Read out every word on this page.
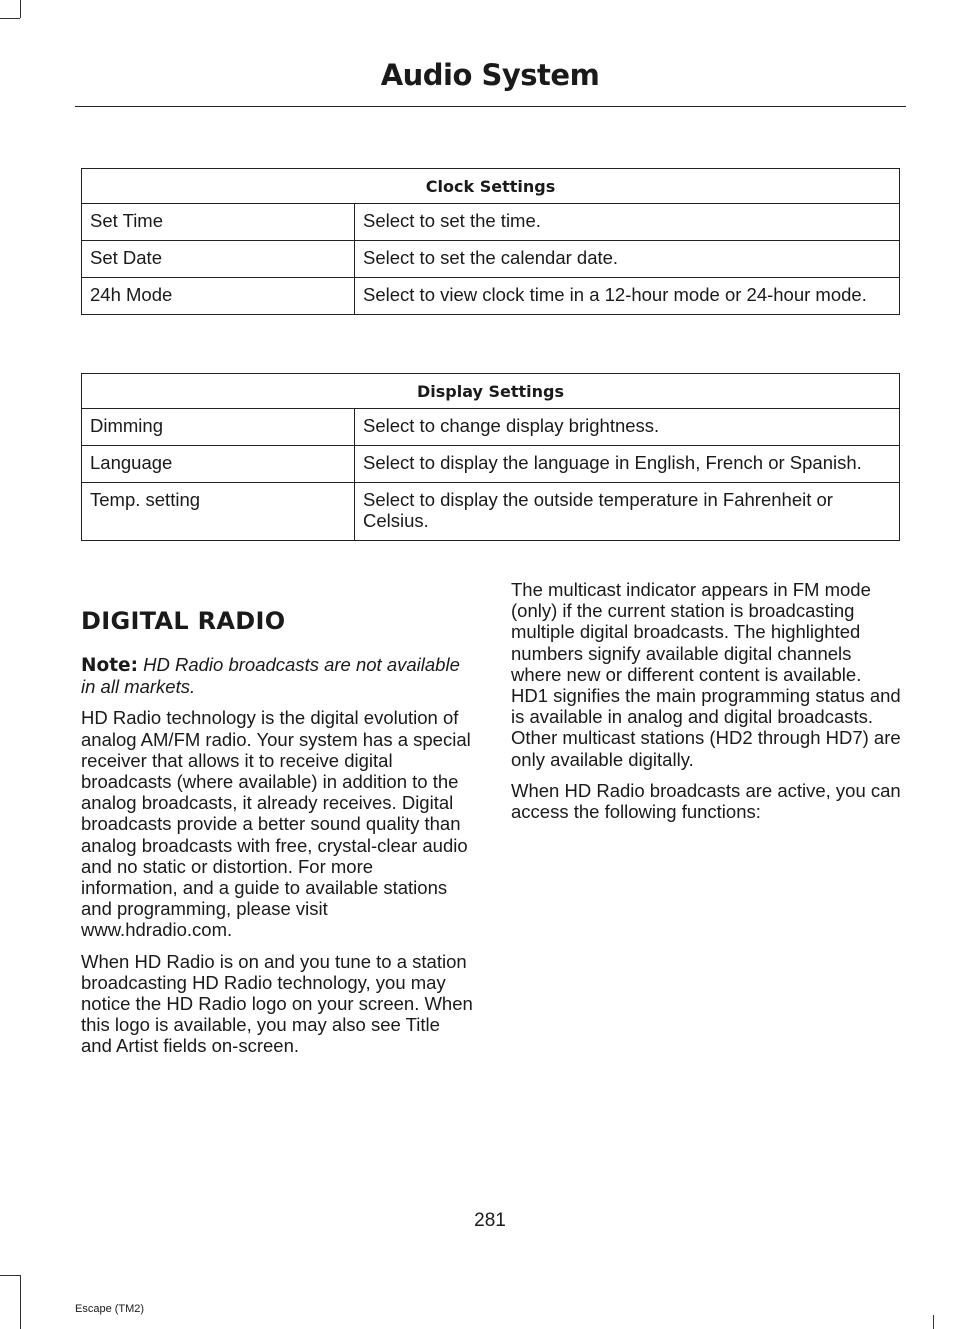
Audio System
Clock Settings	
Set Time	Select to set the time.
Set Date	Select to set the calendar date.
24h Mode	Select to view clock time in a 12-hour mode or 24-hour mode.
Display Settings	
Dimming	Select to change display brightness.
Language	Select to display the language in English, French or Spanish.
Temp. setting	Select to display the outside temperature in Fahrenheit or Celsius.
DIGITAL RADIO

Note: HD Radio broadcasts are not available in all markets.

HD Radio technology is the digital evolution of analog AM/FM radio. Your system has a special receiver that allows it to receive digital broadcasts (where available) in addition to the analog broadcasts, it already receives. Digital broadcasts provide a better sound quality than analog broadcasts with free, crystal-clear audio and no static or distortion. For more information, and a guide to available stations and programming, please visit www.hdradio.com.

When HD Radio is on and you tune to a station broadcasting HD Radio technology, you may notice the HD Radio logo on your screen. When this logo is available, you may also see Title and Artist fields on-screen.

The multicast indicator appears in FM mode (only) if the current station is broadcasting multiple digital broadcasts. The highlighted numbers signify available digital channels where new or different content is available. HD1 signifies the main programming status and is available in analog and digital broadcasts. Other multicast stations (HD2 through HD7) are only available digitally.

When HD Radio broadcasts are active, you can access the following functions:

281
Escape (TM2)
